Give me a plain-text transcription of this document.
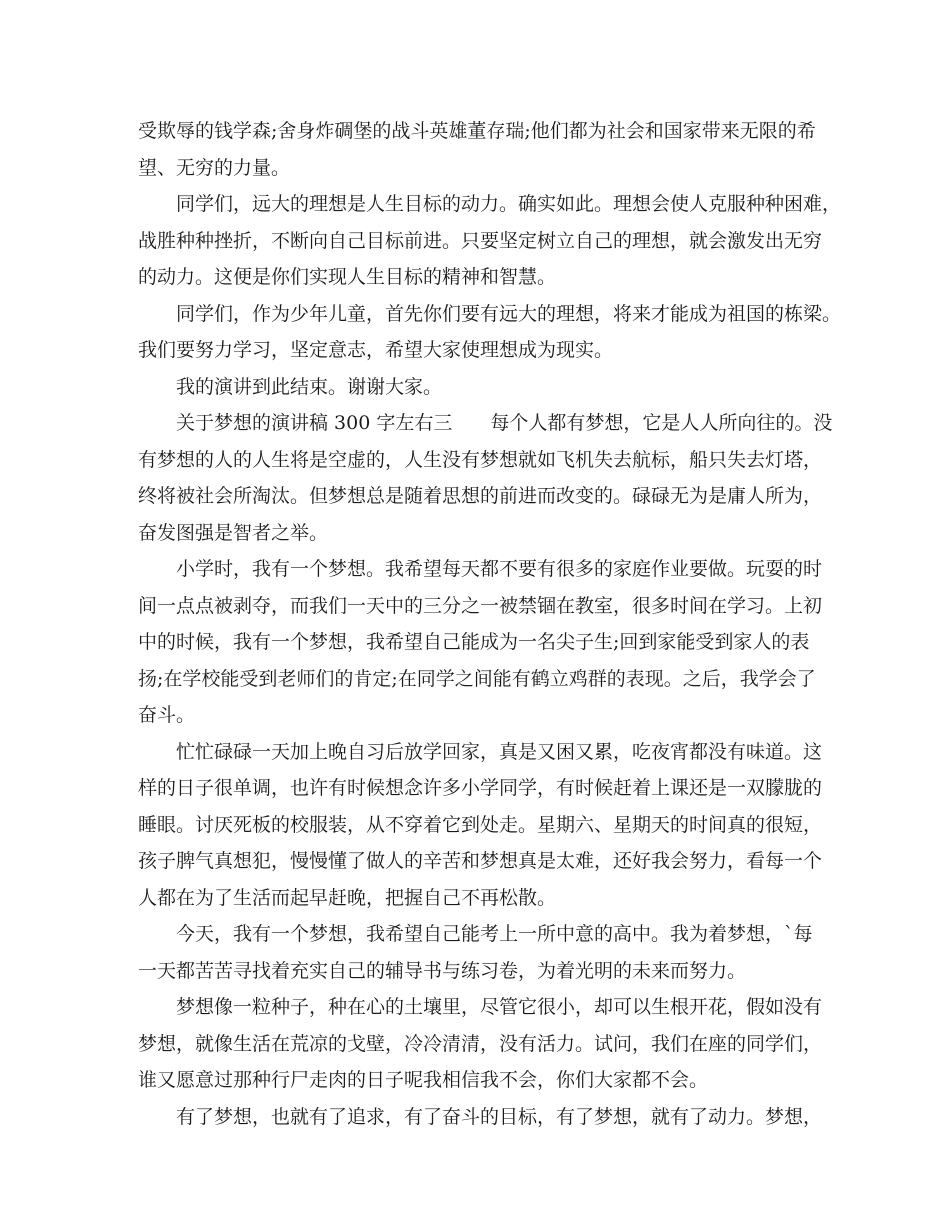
受欺辱的钱学森;舍身炸碉堡的战斗英雄董存瑞;他们都为社会和国家带来无限的希
望、无穷的力量。
同学们，远大的理想是人生目标的动力。确实如此。理想会使人克服种种困难，
战胜种种挫折，不断向自己目标前进。只要坚定树立自己的理想，就会激发出无穷
的动力。这便是你们实现人生目标的精神和智慧。
同学们，作为少年儿童，首先你们要有远大的理想，将来才能成为祖国的栋梁。
我们要努力学习，坚定意志，希望大家使理想成为现实。
我的演讲到此结束。谢谢大家。
关于梦想的演讲稿 300 字左右三　　每个人都有梦想，它是人人所向往的。没
有梦想的人的人生将是空虚的，人生没有梦想就如飞机失去航标，船只失去灯塔，
终将被社会所淘汰。但梦想总是随着思想的前进而改变的。碌碌无为是庸人所为，
奋发图强是智者之举。
小学时，我有一个梦想。我希望每天都不要有很多的家庭作业要做。玩耍的时
间一点点被剥夺，而我们一天中的三分之一被禁锢在教室，很多时间在学习。上初
中的时候，我有一个梦想，我希望自己能成为一名尖子生;回到家能受到家人的表
扬;在学校能受到老师们的肯定;在同学之间能有鹤立鸡群的表现。之后，我学会了
奋斗。
忙忙碌碌一天加上晚自习后放学回家，真是又困又累，吃夜宵都没有味道。这
样的日子很单调，也许有时候想念许多小学同学，有时候赶着上课还是一双朦胧的
睡眼。讨厌死板的校服装，从不穿着它到处走。星期六、星期天的时间真的很短，
孩子脾气真想犯，慢慢懂了做人的辛苦和梦想真是太难，还好我会努力，看每一个
人都在为了生活而起早赶晚，把握自己不再松散。
今天，我有一个梦想，我希望自己能考上一所中意的高中。我为着梦想，`每
一天都苦苦寻找着充实自己的辅导书与练习卷，为着光明的未来而努力。
梦想像一粒种子，种在心的土壤里，尽管它很小，却可以生根开花，假如没有
梦想，就像生活在荒凉的戈壁，冷冷清清，没有活力。试问，我们在座的同学们，
谁又愿意过那种行尸走肉的日子呢我相信我不会，你们大家都不会。
有了梦想，也就有了追求，有了奋斗的目标，有了梦想，就有了动力。梦想，
